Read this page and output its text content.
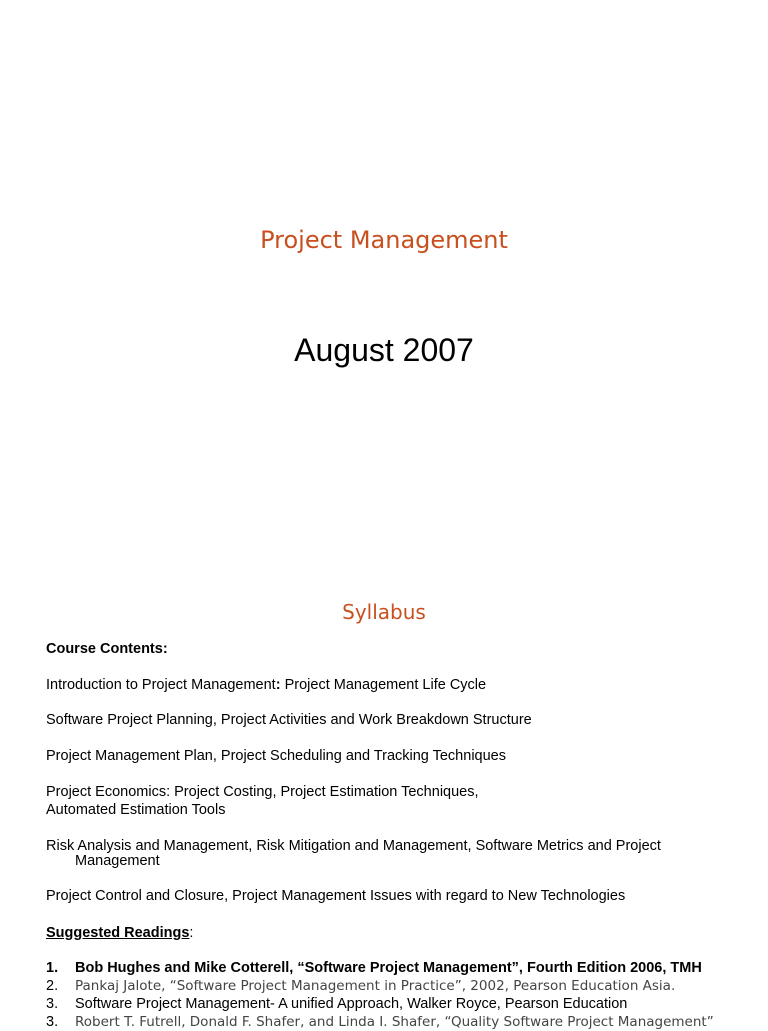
Project Management
August 2007
Syllabus
Course Contents:
Introduction to Project Management: Project Management Life Cycle
Software Project Planning, Project Activities and Work Breakdown Structure
Project Management Plan, Project Scheduling and Tracking Techniques
Project Economics: Project Costing, Project Estimation Techniques,
Automated Estimation Tools
Risk Analysis and Management, Risk Mitigation and Management, Software Metrics and Project
Management
Project Control and Closure, Project Management Issues with regard to New Technologies
Suggested Readings:
1. Bob Hughes and Mike Cotterell, “Software Project Management”, Fourth Edition 2006, TMH
2. Pankaj Jalote, “Software Project Management in Practice”, 2002, Pearson Education Asia.
3. Software Project Management- A unified Approach, Walker Royce, Pearson Education
3. Robert T. Futrell, Donald F. Shafer, and Linda I. Shafer, “Quality Software Project Management”
